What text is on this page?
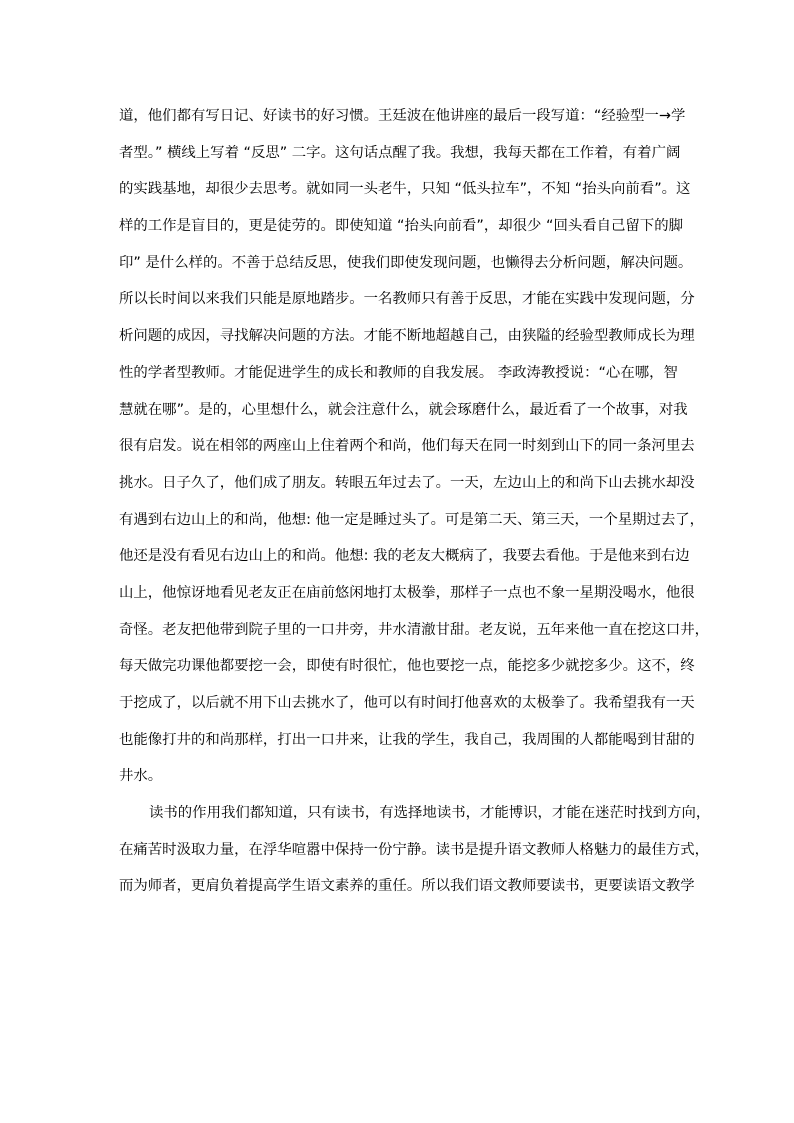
道，他们都有写日记、好读书的好习惯。王廷波在他讲座的最后一段写道：“经验型一→学
者型。” 横线上写着 “反思” 二字。这句话点醒了我。我想，我每天都在工作着，有着广阔
的实践基地，却很少去思考。就如同一头老牛，只知 “低头拉车”，不知 “抬头向前看”。这
样的工作是盲目的，更是徒劳的。即使知道 “抬头向前看”，却很少 “回头看自己留下的脚
印” 是什么样的。不善于总结反思，使我们即使发现问题，也懒得去分析问题，解决问题。
所以长时间以来我们只能是原地踏步。一名教师只有善于反思，才能在实践中发现问题，分
析问题的成因，寻找解决问题的方法。才能不断地超越自己，由狭隘的经验型教师成长为理
性的学者型教师。才能促进学生的成长和教师的自我发展。 李政涛教授说：“心在哪，智
慧就在哪”。是的，心里想什么，就会注意什么，就会琢磨什么，最近看了一个故事，对我
很有启发。说在相邻的两座山上住着两个和尚，他们每天在同一时刻到山下的同一条河里去
挑水。日子久了，他们成了朋友。转眼五年过去了。一天，左边山上的和尚下山去挑水却没
有遇到右边山上的和尚，他想: 他一定是睡过头了。可是第二天、第三天，一个星期过去了，
他还是没有看见右边山上的和尚。他想: 我的老友大概病了，我要去看他。于是他来到右边
山上，他惊讶地看见老友正在庙前悠闲地打太极拳，那样子一点也不象一星期没喝水，他很
奇怪。老友把他带到院子里的一口井旁，井水清澈甘甜。老友说，五年来他一直在挖这口井，
每天做完功课他都要挖一会，即使有时很忙，他也要挖一点，能挖多少就挖多少。这不，终
于挖成了，以后就不用下山去挑水了，他可以有时间打他喜欢的太极拳了。我希望我有一天
也能像打井的和尚那样，打出一口井来，让我的学生，我自己，我周围的人都能喝到甘甜的
井水。
读书的作用我们都知道，只有读书，有选择地读书，才能博识，才能在迷茫时找到方向，
在痛苦时汲取力量，在浮华喧嚣中保持一份宁静。读书是提升语文教师人格魅力的最佳方式，
而为师者，更肩负着提高学生语文素养的重任。所以我们语文教师要读书，更要读语文教学
